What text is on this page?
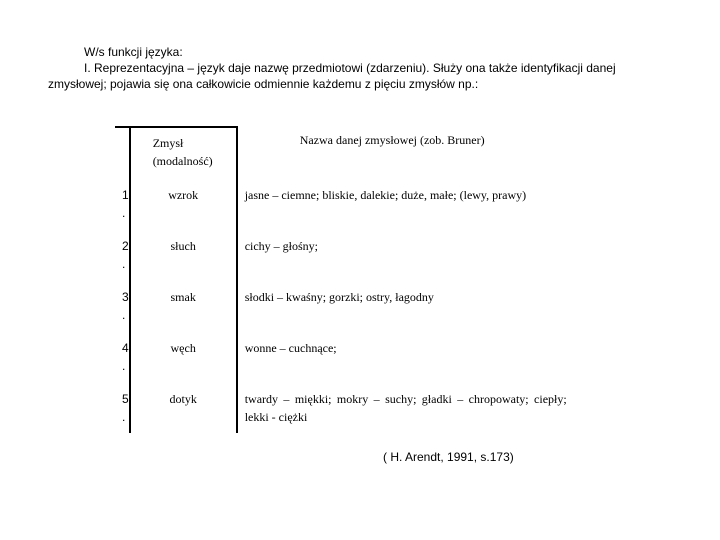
W/s funkcji języka:
I. Reprezentacyjna – język daje nazwę przedmiotowi (zdarzeniu). Służy ona także identyfikacji danej
zmysłowej; pojawia się ona całkowicie odmiennie każdemu z pięciu zmysłów np.:

	Zmysł (modalność)	Nazwa danej zmysłowej (zob. Bruner)

1
.	wzrok	jasne – ciemne; bliskie, dalekie; duże, małe; (lewy, prawy)

2
.	słuch	cichy – głośny;

3
.	smak	słodki – kwaśny; gorzki; ostry, łagodny

4
.	węch	wonne – cuchnące;

5
.	dotyk	twardy – miękki; mokry – suchy; gładki – chropowaty; ciepły; lekki - ciężki
( H. Arendt, 1991, s.173)
